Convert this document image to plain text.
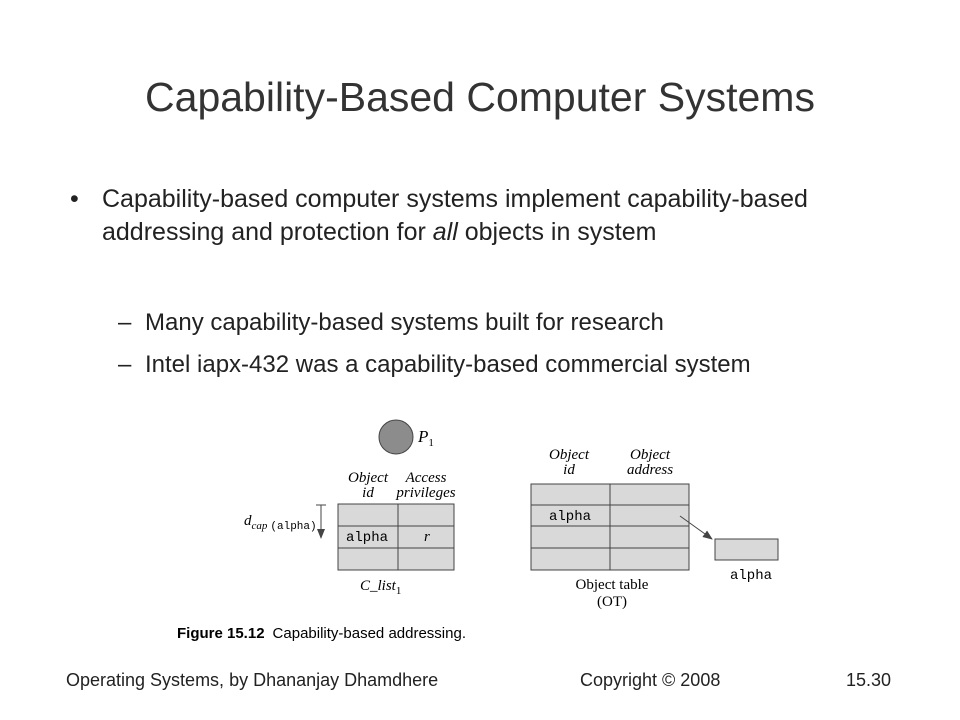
Capability-Based Computer Systems
• Capability-based computer systems implement capability-based addressing and protection for all objects in system
– Many capability-based systems built for research
– Intel iapx-432 was a capability-based commercial system
$P_1$
Object
id
Access
privileges
alpha r
$d_{cap}$ (alpha)
C_list$_1$
Object
id
Object
address
alpha
Object table
(OT)
alpha
Figure 15.12 Capability-based addressing.
Operating Systems, by Dhananjay Dhamdhere	Copyright © 2008	15.30
